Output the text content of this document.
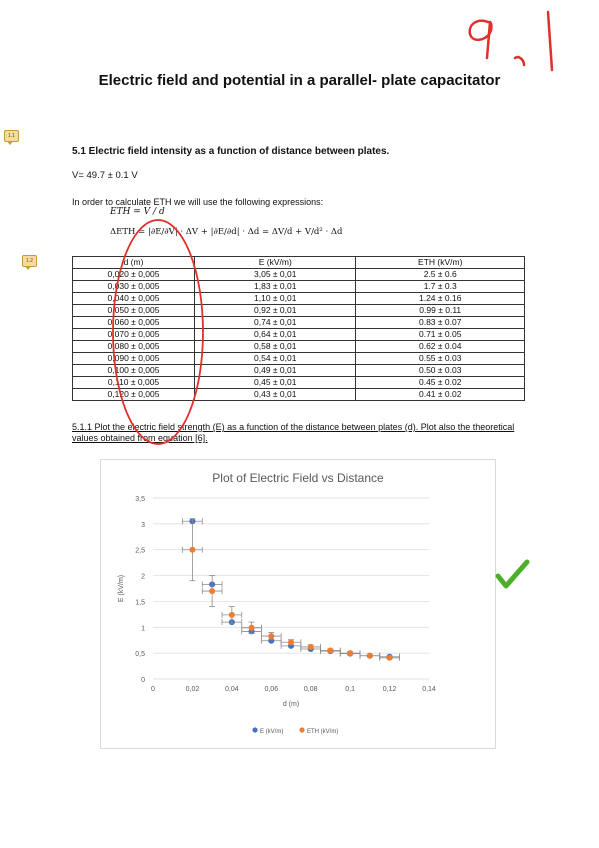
Electric field and potential in a parallel- plate capacitator
1.1
1.2
5.1 Electric field intensity as a function of distance between plates.
V= 49.7 ± 0.1 V
In order to calculate ETH we will use the following expressions:
ETH = V / d
ΔETH = |∂E/∂V| · ΔV + |∂E/∂d| · Δd = ΔV/d + V/d² · Δd
d (m)	E (kV/m)	ETH (kV/m)
0,020 ± 0,005	3,05 ± 0,01	2.5 ± 0.6
0,030 ± 0,005	1,83 ± 0,01	1.7 ± 0.3
0,040 ± 0,005	1,10 ± 0,01	1.24 ± 0.16
0,050 ± 0,005	0,92 ± 0,01	0.99 ± 0.11
0,060 ± 0,005	0,74 ± 0,01	0.83 ± 0.07
0,070 ± 0,005	0,64 ± 0,01	0.71 ± 0.05
0,080 ± 0,005	0,58 ± 0,01	0.62 ± 0.04
0,090 ± 0,005	0,54 ± 0,01	0.55 ± 0.03
0,100 ± 0,005	0,49 ± 0,01	0.50 ± 0.03
0,110 ± 0,005	0,45 ± 0,01	0.45 ± 0.02
0,120 ± 0,005	0,43 ± 0,01	0.41 ± 0.02
5.1.1 Plot the electric field strength (E) as a function of the distance between plates (d). Plot also the theoretical values obtained from equation [6].
Plot of Electric Field vs Distance
0
0,5
1
1,5
2
2,5
3
3,5
0	0,02	0,04	0,06	0,08	0,1	0,12	0,14
d (m)
E (kV/m)
E (kV/m)	ETH (kV/m)
